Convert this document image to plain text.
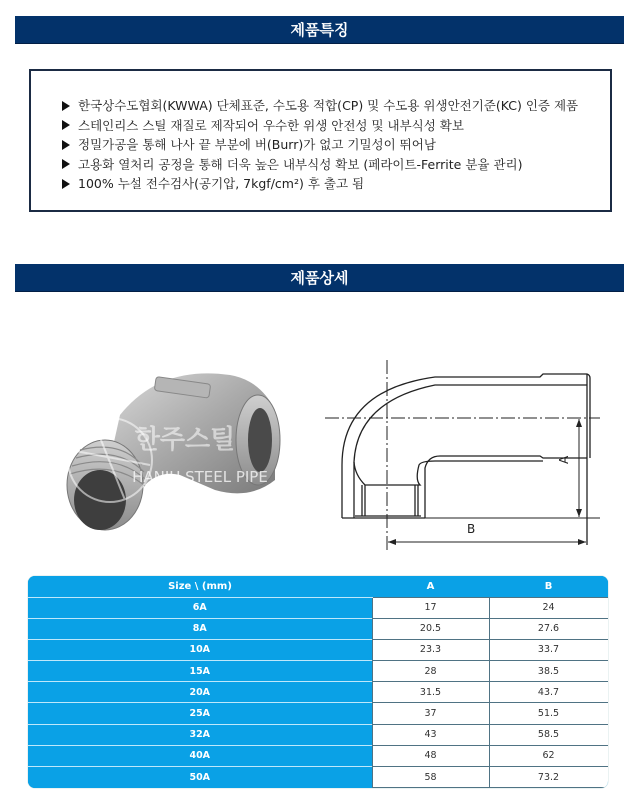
제품특징
한국상수도협회(KWWA) 단체표준, 수도용 적합(CP) 및 수도용 위생안전기준(KC) 인증 제품
스테인리스 스틸 재질로 제작되어 우수한 위생 안전성 및 내부식성 확보
정밀가공을 통해 나사 끝 부분에 버(Burr)가 없고 기밀성이 뛰어남
고용화 열처리 공정을 통해 더욱 높은 내부식성 확보 (페라이트-Ferrite 분율 관리)
100% 누설 전수검사(공기압, 7kgf/cm²) 후 출고 됨
제품상세
한주스틸
HANJU STEEL PIPE
A
B
Size \ (mm)	A	B
6A	17	24
8A	20.5	27.6
10A	23.3	33.7
15A	28	38.5
20A	31.5	43.7
25A	37	51.5
32A	43	58.5
40A	48	62
50A	58	73.2
